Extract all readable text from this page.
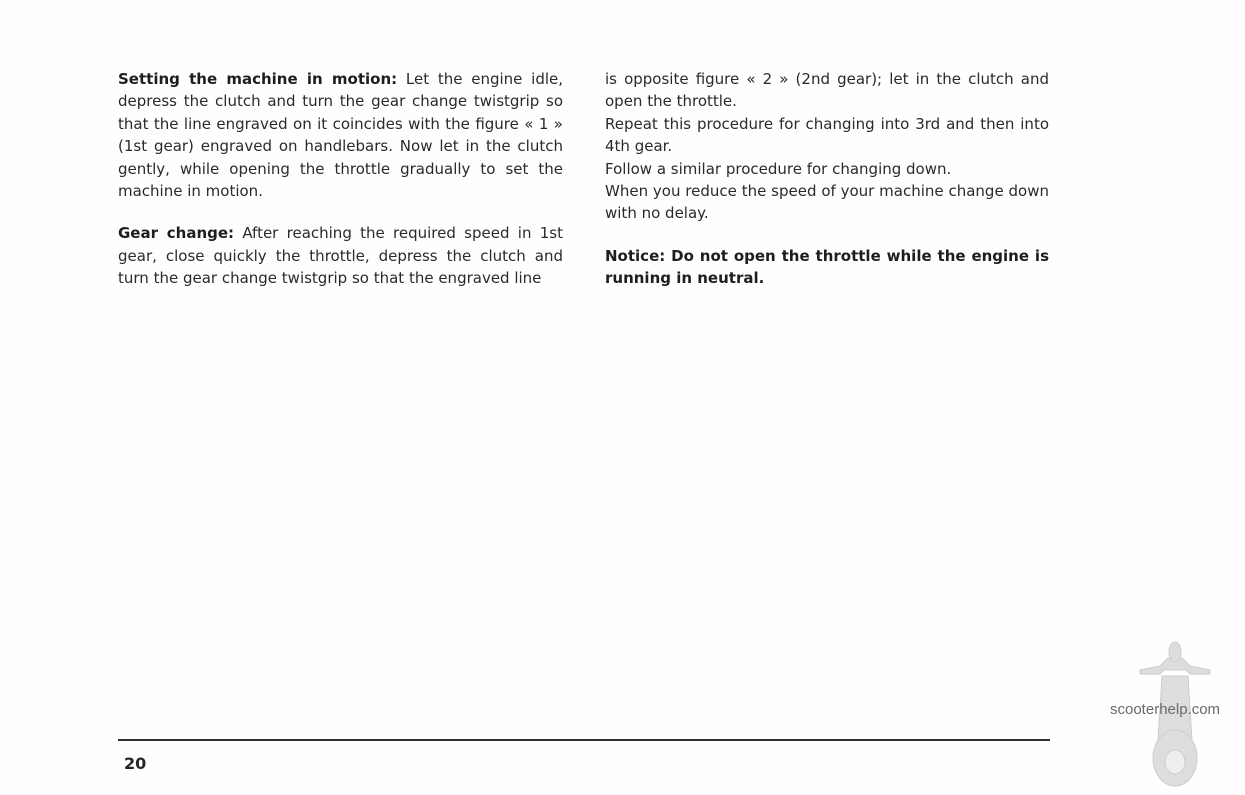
Setting the machine in motion: Let the engine idle, depress the clutch and turn the gear change twistgrip so that the line engraved on it coincides with the figure « 1 » (1st gear) engraved on handlebars. Now let in the clutch gently, while opening the throttle gradually to set the machine in motion.

Gear change: After reaching the required speed in 1st gear, close quickly the throttle, depress the clutch and turn the gear change twistgrip so that the engraved line

is opposite figure « 2 » (2nd gear); let in the clutch and open the throttle.

Repeat this procedure for changing into 3rd and then into 4th gear.

Follow a similar procedure for changing down.

When you reduce the speed of your machine change down with no delay.

Notice: Do not open the throttle while the engine is running in neutral.

20
scooterhelp.com
